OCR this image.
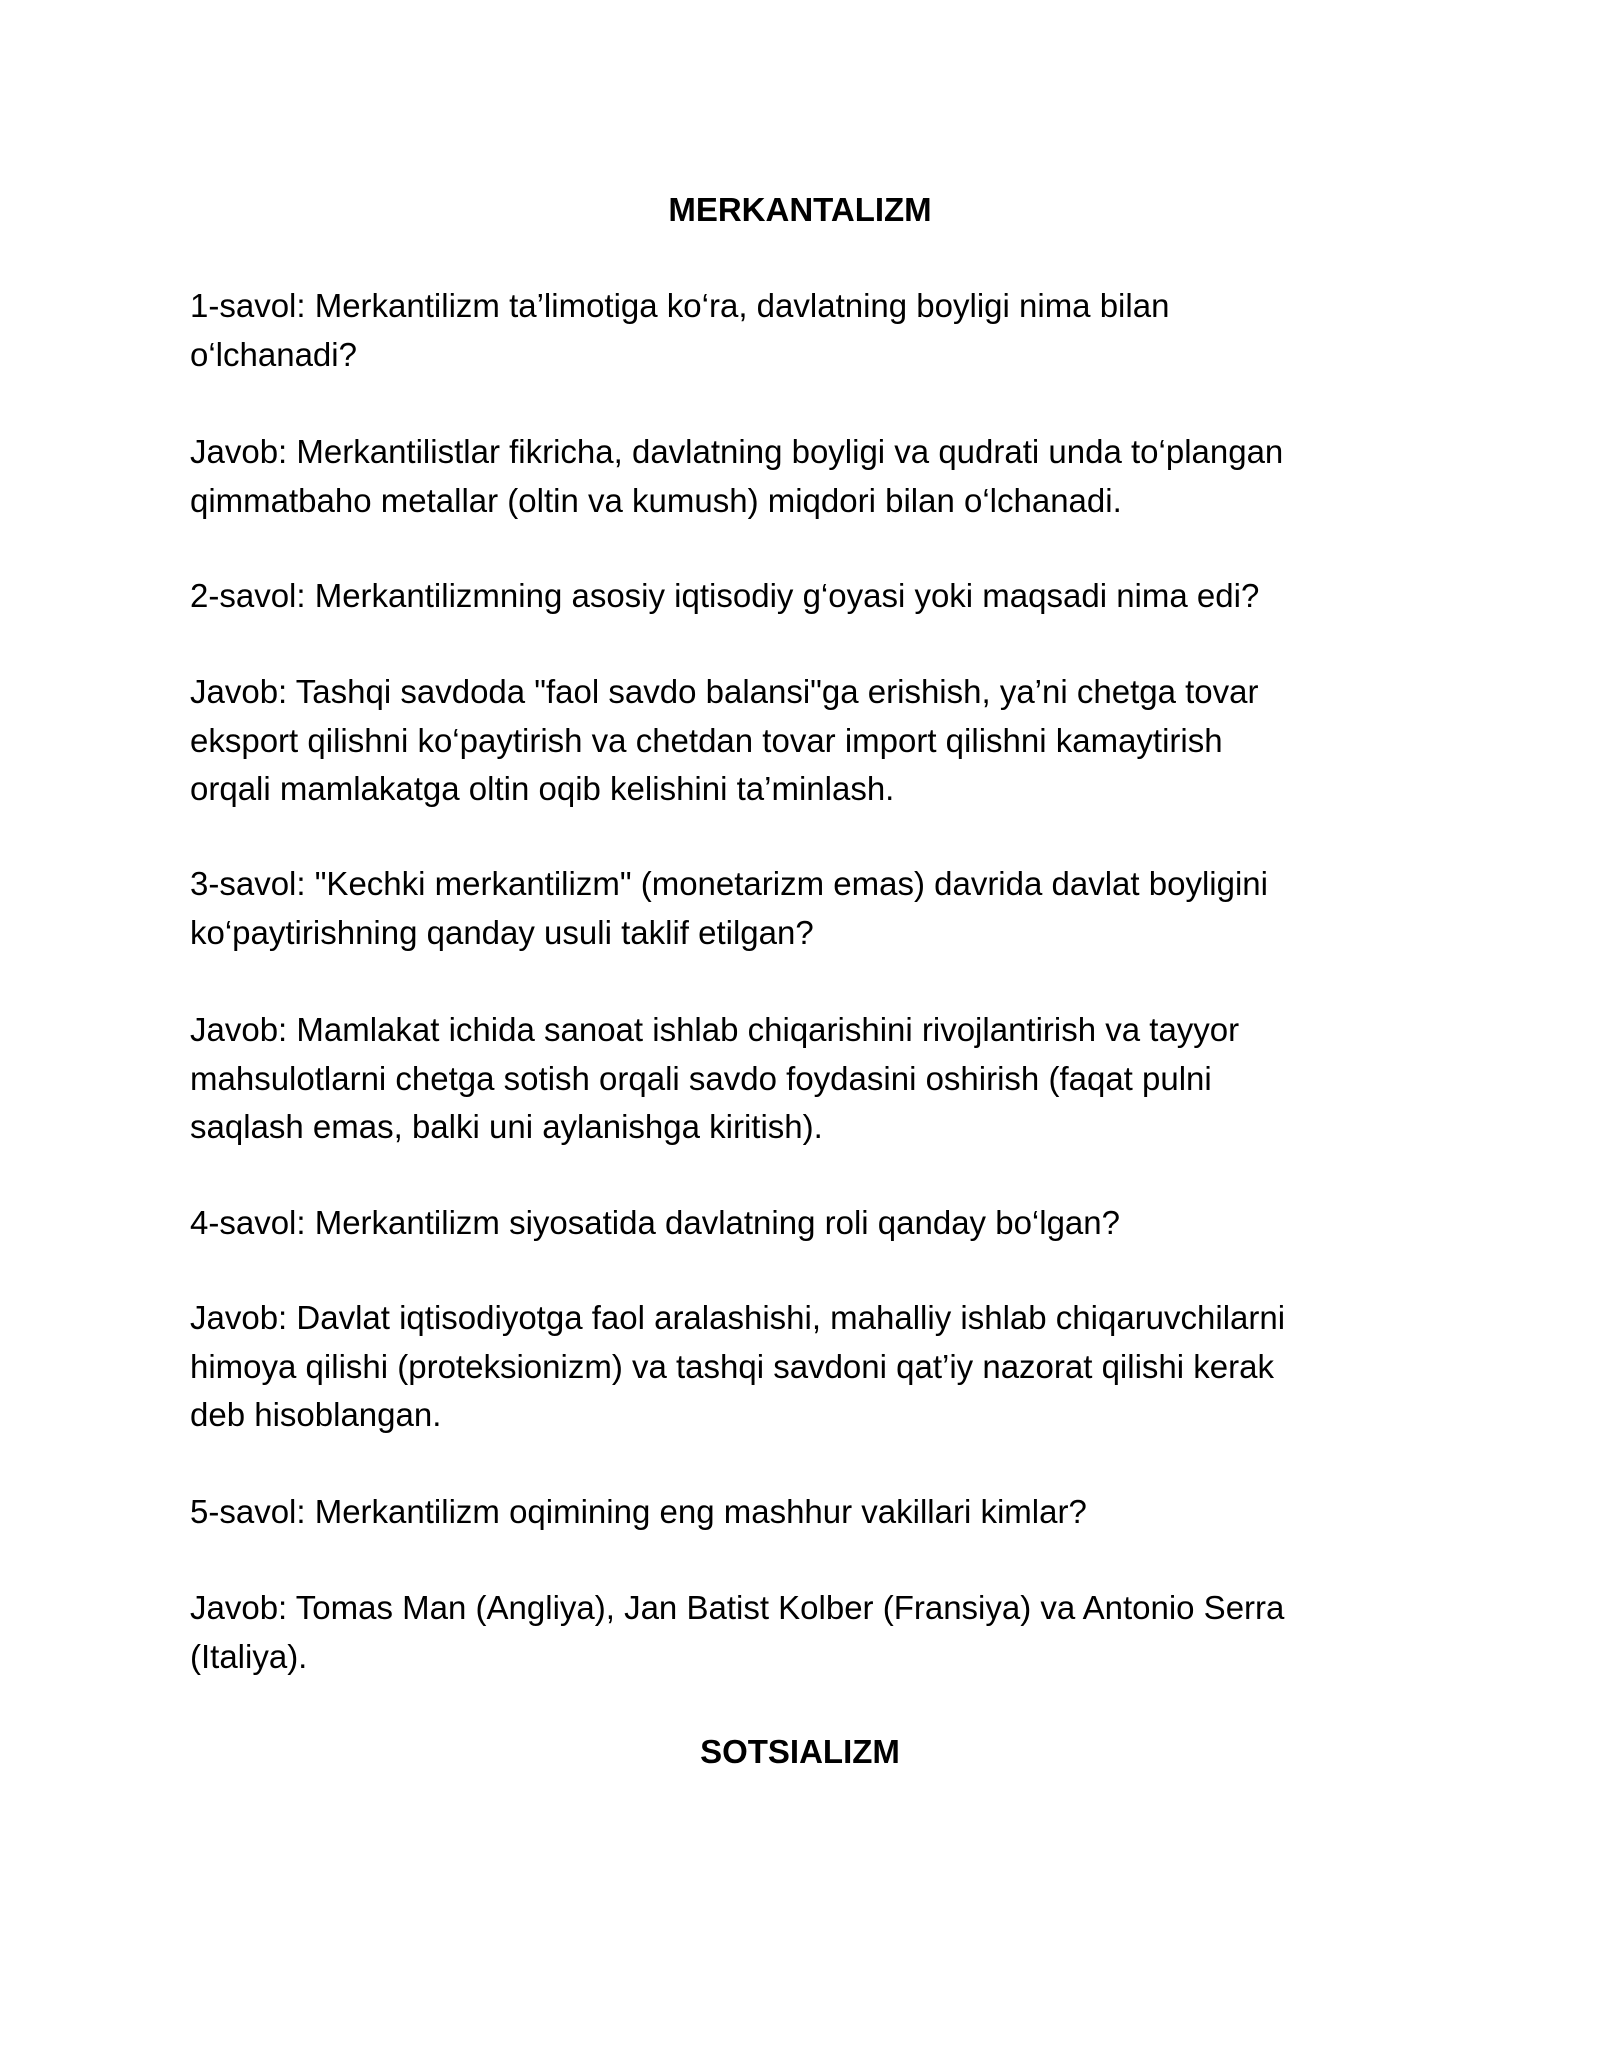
MERKANTALIZM

1-savol: Merkantilizm ta’limotiga ko‘ra, davlatning boyligi nima bilan
o‘lchanadi?

Javob: Merkantilistlar fikricha, davlatning boyligi va qudrati unda to‘plangan
qimmatbaho metallar (oltin va kumush) miqdori bilan o‘lchanadi.

2-savol: Merkantilizmning asosiy iqtisodiy g‘oyasi yoki maqsadi nima edi?

Javob: Tashqi savdoda "faol savdo balansi"ga erishish, ya’ni chetga tovar
eksport qilishni ko‘paytirish va chetdan tovar import qilishni kamaytirish
orqali mamlakatga oltin oqib kelishini ta’minlash.

3-savol: "Kechki merkantilizm" (monetarizm emas) davrida davlat boyligini
ko‘paytirishning qanday usuli taklif etilgan?

Javob: Mamlakat ichida sanoat ishlab chiqarishini rivojlantirish va tayyor
mahsulotlarni chetga sotish orqali savdo foydasini oshirish (faqat pulni
saqlash emas, balki uni aylanishga kiritish).

4-savol: Merkantilizm siyosatida davlatning roli qanday bo‘lgan?

Javob: Davlat iqtisodiyotga faol aralashishi, mahalliy ishlab chiqaruvchilarni
himoya qilishi (proteksionizm) va tashqi savdoni qat’iy nazorat qilishi kerak
deb hisoblangan.

5-savol: Merkantilizm oqimining eng mashhur vakillari kimlar?

Javob: Tomas Man (Angliya), Jan Batist Kolber (Fransiya) va Antonio Serra
(Italiya).

SOTSIALIZM
